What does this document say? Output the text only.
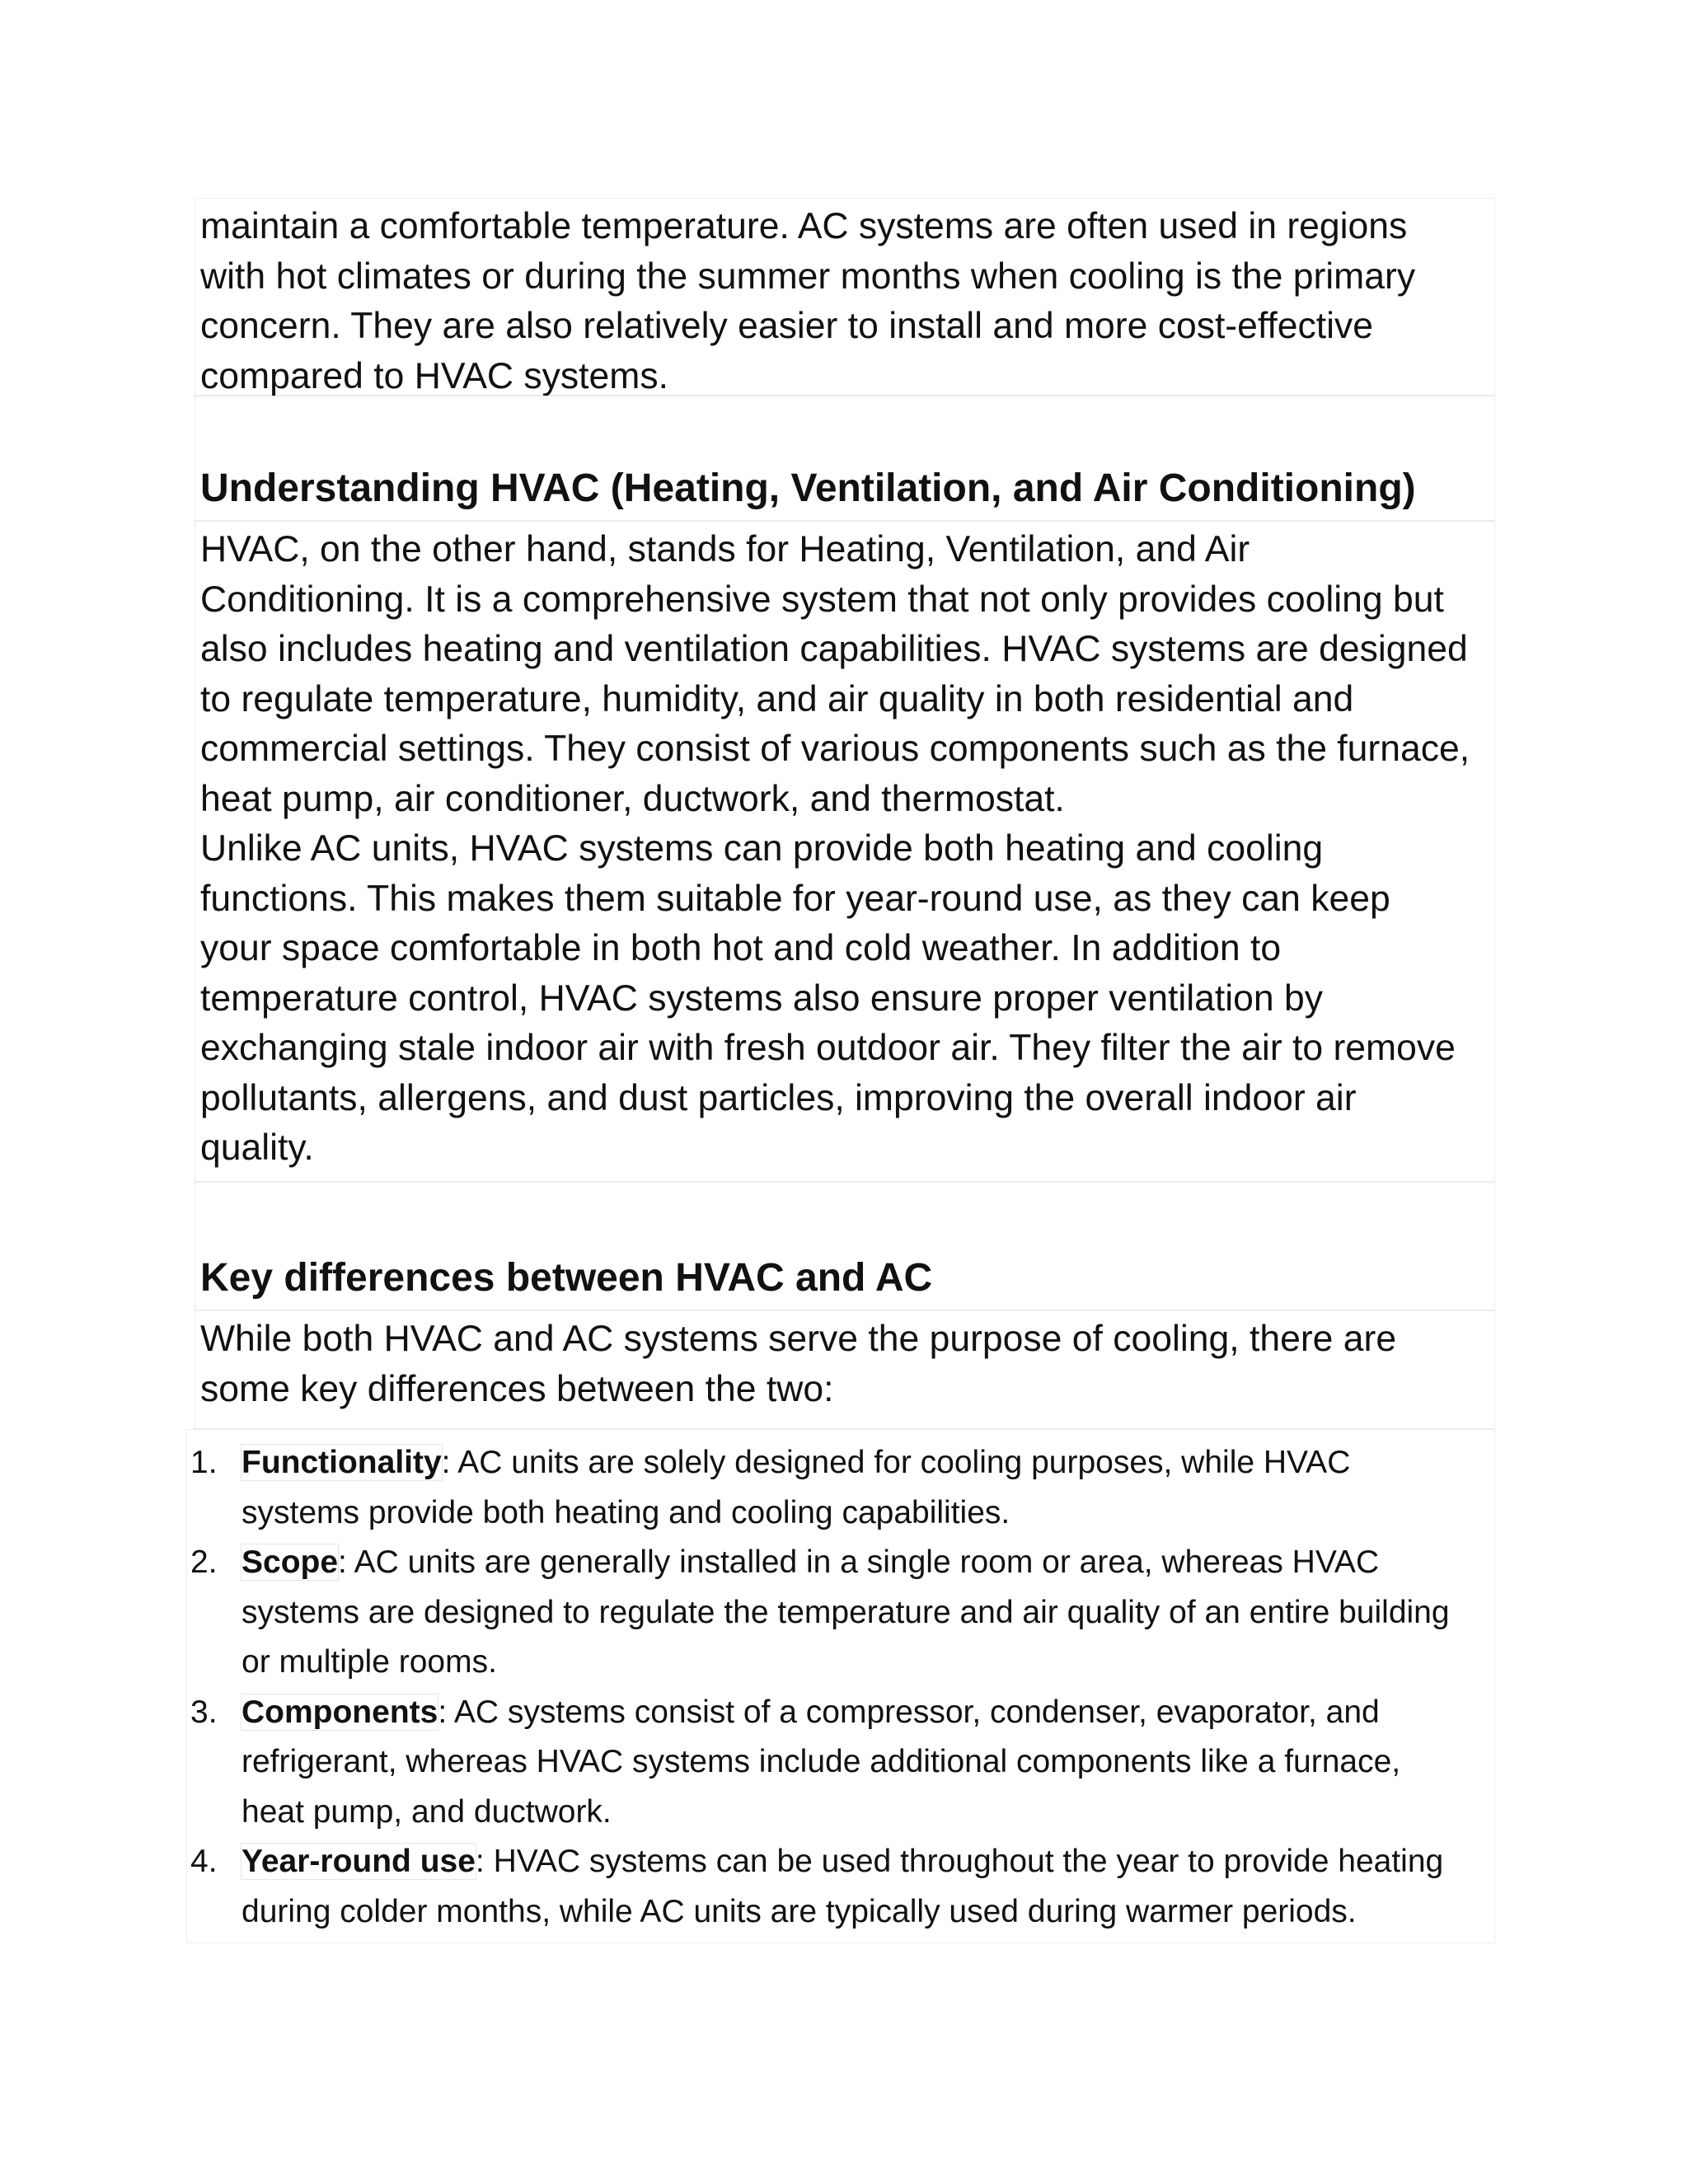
maintain a comfortable temperature. AC systems are often used in regions
with hot climates or during the summer months when cooling is the primary
concern. They are also relatively easier to install and more cost-effective
compared to HVAC systems.

Understanding HVAC (Heating, Ventilation, and Air Conditioning)

HVAC, on the other hand, stands for Heating, Ventilation, and Air
Conditioning. It is a comprehensive system that not only provides cooling but
also includes heating and ventilation capabilities. HVAC systems are designed
to regulate temperature, humidity, and air quality in both residential and
commercial settings. They consist of various components such as the furnace,
heat pump, air conditioner, ductwork, and thermostat.
Unlike AC units, HVAC systems can provide both heating and cooling
functions. This makes them suitable for year-round use, as they can keep
your space comfortable in both hot and cold weather. In addition to
temperature control, HVAC systems also ensure proper ventilation by
exchanging stale indoor air with fresh outdoor air. They filter the air to remove
pollutants, allergens, and dust particles, improving the overall indoor air
quality.

Key differences between HVAC and AC

While both HVAC and AC systems serve the purpose of cooling, there are
some key differences between the two:

1. Functionality: AC units are solely designed for cooling purposes, while HVAC
systems provide both heating and cooling capabilities.
2. Scope: AC units are generally installed in a single room or area, whereas HVAC
systems are designed to regulate the temperature and air quality of an entire building
or multiple rooms.
3. Components: AC systems consist of a compressor, condenser, evaporator, and
refrigerant, whereas HVAC systems include additional components like a furnace,
heat pump, and ductwork.
4. Year-round use: HVAC systems can be used throughout the year to provide heating
during colder months, while AC units are typically used during warmer periods.
